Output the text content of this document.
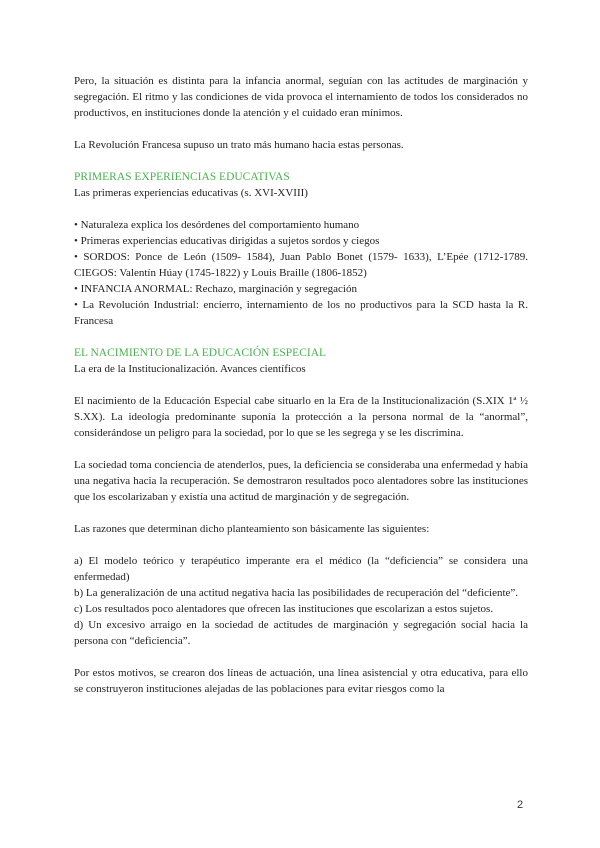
Pero, la situación es distinta para la infancia anormal, seguían con las actitudes de marginación y segregación. El ritmo y las condiciones de vida provoca el internamiento de todos los considerados no productivos, en instituciones donde la atención y el cuidado eran mínimos.

La Revolución Francesa supuso un trato más humano hacia estas personas.

PRIMERAS EXPERIENCIAS EDUCATIVAS

Las primeras experiencias educativas (s. XVI-XVIII)

• Naturaleza explica los desórdenes del comportamiento humano

• Primeras experiencias educativas dirigidas a sujetos sordos y ciegos

• SORDOS: Ponce de León (1509- 1584), Juan Pablo Bonet (1579- 1633), L’Epée (1712-1789. CIEGOS: Valentín Húay (1745-1822) y Louis Braille (1806-1852)

• INFANCIA ANORMAL: Rechazo, marginación y segregación

• La Revolución Industrial: encierro, internamiento de los no productivos para la SCD hasta la R. Francesa

EL NACIMIENTO DE LA EDUCACIÓN ESPECIAL

La era de la Institucionalización. Avances científicos

El nacimiento de la Educación Especial cabe situarlo en la Era de la Institucionalización (S.XIX 1ª ½ S.XX). La ideología predominante suponía la protección a la persona normal de la “anormal”, considerándose un peligro para la sociedad, por lo que se les segrega y se les discrimina.

La sociedad toma conciencia de atenderlos, pues, la deficiencia se consideraba una enfermedad y había una negativa hacia la recuperación. Se demostraron resultados poco alentadores sobre las instituciones que los escolarizaban y existía una actitud de marginación y de segregación.

Las razones que determinan dicho planteamiento son básicamente las siguientes:

a) El modelo teórico y terapéutico imperante era el médico (la “deficiencia” se considera una enfermedad)

b) La generalización de una actitud negativa hacia las posibilidades de recuperación del “deficiente”.

c) Los resultados poco alentadores que ofrecen las instituciones que escolarizan a estos sujetos.

d) Un excesivo arraigo en la sociedad de actitudes de marginación y segregación social hacia la persona con “deficiencia”.

Por estos motivos, se crearon dos líneas de actuación, una línea asistencial y otra educativa, para ello se construyeron instituciones alejadas de las poblaciones para evitar riesgos como la

2
